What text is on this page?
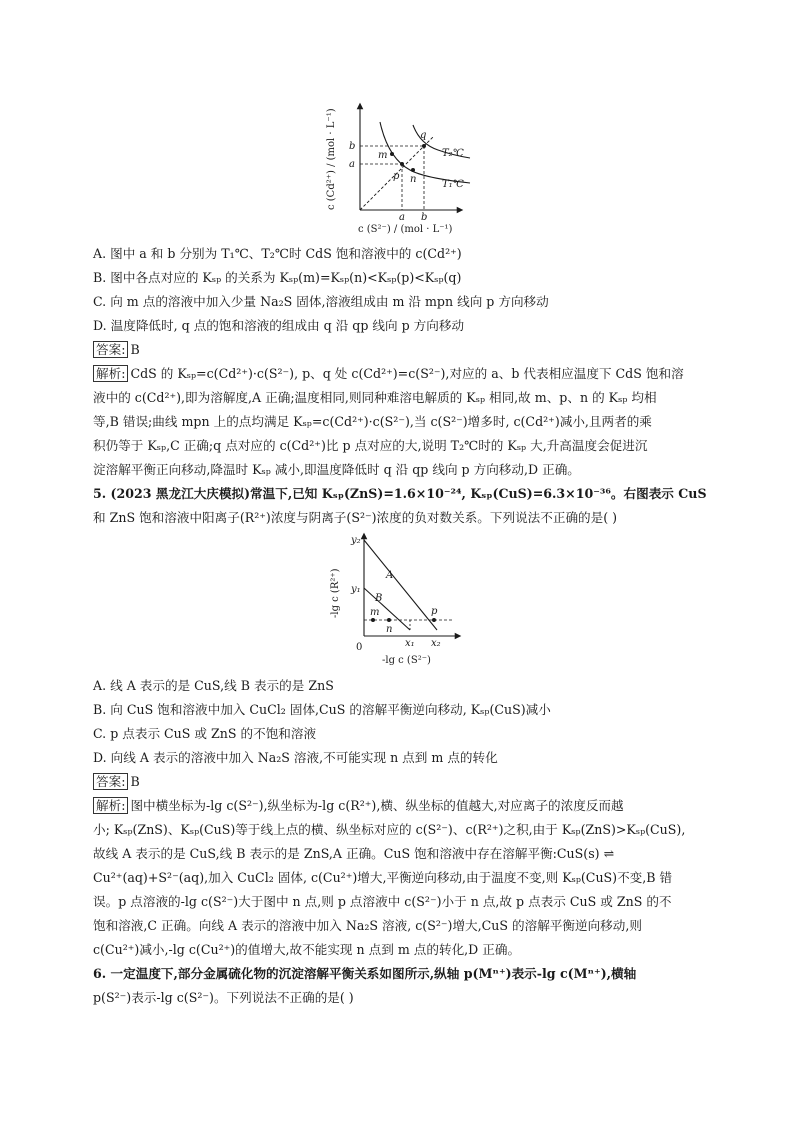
c (Cd²⁺) / (mol · L⁻¹)
c (S²⁻) / (mol · L⁻¹)
b
a
a b
q
m
p n
T₂℃
T₁℃
A. 图中 a 和 b 分别为 T₁℃、T₂℃时 CdS 饱和溶液中的 c(Cd²⁺)
B. 图中各点对应的 Kₛₚ 的关系为 Kₛₚ(m)=Kₛₚ(n)<Kₛₚ(p)<Kₛₚ(q)
C. 向 m 点的溶液中加入少量 Na₂S 固体,溶液组成由 m 沿 mpn 线向 p 方向移动
D. 温度降低时, q 点的饱和溶液的组成由 q 沿 qp 线向 p 方向移动
答案: B
解析: CdS 的 Kₛₚ=c(Cd²⁺)·c(S²⁻), p、q 处 c(Cd²⁺)=c(S²⁻),对应的 a、b 代表相应温度下 CdS 饱和溶
液中的 c(Cd²⁺),即为溶解度,A 正确;温度相同,则同种难溶电解质的 Kₛₚ 相同,故 m、p、n 的 Kₛₚ 均相
等,B 错误;曲线 mpn 上的点均满足 Kₛₚ=c(Cd²⁺)·c(S²⁻),当 c(S²⁻)增多时, c(Cd²⁺)减小,且两者的乘
积仍等于 Kₛₚ,C 正确;q 点对应的 c(Cd²⁺)比 p 点对应的大,说明 T₂℃时的 Kₛₚ 大,升高温度会促进沉
淀溶解平衡正向移动,降温时 Kₛₚ 减小,即温度降低时 q 沿 qp 线向 p 方向移动,D 正确。
5. (2023 黑龙江大庆模拟)常温下,已知 Kₛₚ(ZnS)=1.6×10⁻²⁴, Kₛₚ(CuS)=6.3×10⁻³⁶。右图表示 CuS
和 ZnS 饱和溶液中阳离子(R²⁺)浓度与阴离子(S²⁻)浓度的负对数关系。下列说法不正确的是( )
-lg c (R²⁺)
-lg c (S²⁻)
0
y₂
y₁
x₁ x₂
A
B
m
n
p
A. 线 A 表示的是 CuS,线 B 表示的是 ZnS
B. 向 CuS 饱和溶液中加入 CuCl₂ 固体,CuS 的溶解平衡逆向移动, Kₛₚ(CuS)减小
C. p 点表示 CuS 或 ZnS 的不饱和溶液
D. 向线 A 表示的溶液中加入 Na₂S 溶液,不可能实现 n 点到 m 点的转化
答案: B
解析: 图中横坐标为-lg c(S²⁻),纵坐标为-lg c(R²⁺),横、纵坐标的值越大,对应离子的浓度反而越
小; Kₛₚ(ZnS)、Kₛₚ(CuS)等于线上点的横、纵坐标对应的 c(S²⁻)、c(R²⁺)之积,由于 Kₛₚ(ZnS)>Kₛₚ(CuS),
故线 A 表示的是 CuS,线 B 表示的是 ZnS,A 正确。CuS 饱和溶液中存在溶解平衡:CuS(s) ⇌
Cu²⁺(aq)+S²⁻(aq),加入 CuCl₂ 固体, c(Cu²⁺)增大,平衡逆向移动,由于温度不变,则 Kₛₚ(CuS)不变,B 错
误。p 点溶液的-lg c(S²⁻)大于图中 n 点,则 p 点溶液中 c(S²⁻)小于 n 点,故 p 点表示 CuS 或 ZnS 的不
饱和溶液,C 正确。向线 A 表示的溶液中加入 Na₂S 溶液, c(S²⁻)增大,CuS 的溶解平衡逆向移动,则
c(Cu²⁺)减小,-lg c(Cu²⁺)的值增大,故不能实现 n 点到 m 点的转化,D 正确。
6. 一定温度下,部分金属硫化物的沉淀溶解平衡关系如图所示,纵轴 p(Mⁿ⁺)表示-lg c(Mⁿ⁺),横轴
p(S²⁻)表示-lg c(S²⁻)。下列说法不正确的是( )
